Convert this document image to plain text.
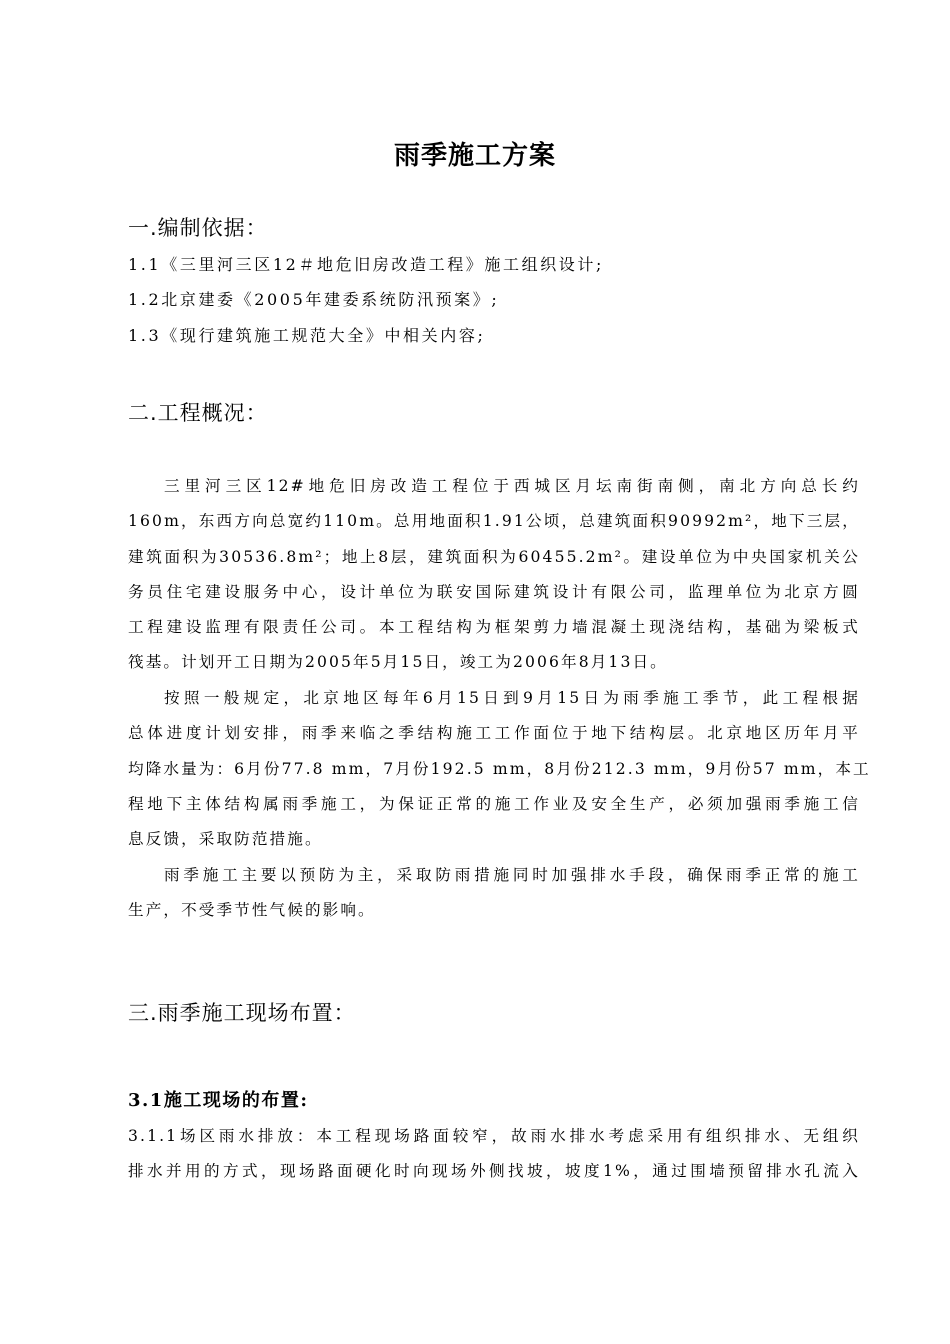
雨季施工方案
一.编制依据：
1.1《三里河三区12＃地危旧房改造工程》施工组织设计;
1.2北京建委《2005年建委系统防汛预案》;
1.3《现行建筑施工规范大全》中相关内容;
二.工程概况：
三里河三区12#地危旧房改造工程位于西城区月坛南街南侧，南北方向总长约
160m，东西方向总宽约110m。总用地面积1.91公顷，总建筑面积90992m²，地下三层，
建筑面积为30536.8m²；地上8层，建筑面积为60455.2m²。建设单位为中央国家机关公
务员住宅建设服务中心，设计单位为联安国际建筑设计有限公司，监理单位为北京方圆
工程建设监理有限责任公司。本工程结构为框架剪力墙混凝土现浇结构，基础为梁板式
筏基。计划开工日期为2005年5月15日，竣工为2006年8月13日。
按照一般规定，北京地区每年6月15日到9月15日为雨季施工季节，此工程根据
总体进度计划安排，雨季来临之季结构施工工作面位于地下结构层。北京地区历年月平
均降水量为：6月份77.8 mm，7月份192.5 mm，8月份212.3 mm，9月份57 mm，本工
程地下主体结构属雨季施工，为保证正常的施工作业及安全生产，必须加强雨季施工信
息反馈，采取防范措施。
雨季施工主要以预防为主，采取防雨措施同时加强排水手段，确保雨季正常的施工
生产，不受季节性气候的影响。
三.雨季施工现场布置：
3.1施工现场的布置:
3.1.1场区雨水排放：本工程现场路面较窄，故雨水排水考虑采用有组织排水、无组织
排水并用的方式，现场路面硬化时向现场外侧找坡，坡度1%，通过围墙预留排水孔流入
